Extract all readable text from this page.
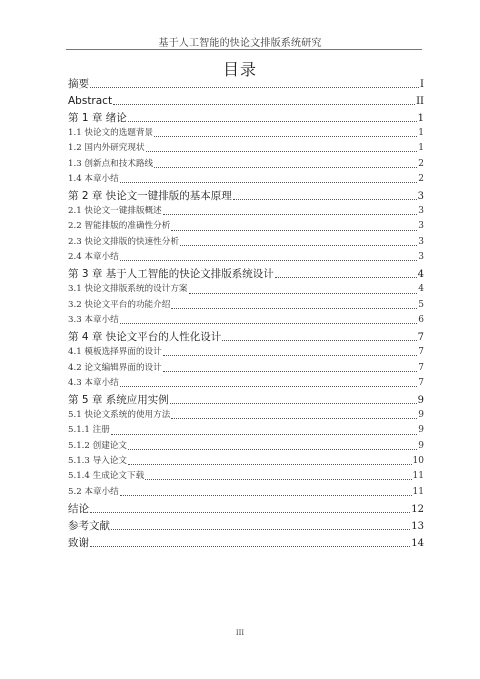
基于人工智能的快论文排版系统研究
目录
摘要	I
Abstract	II
第 1 章 绪论	1
1.1 快论文的选题背景	1
1.2 国内外研究现状	1
1.3 创新点和技术路线	2
1.4 本章小结	2
第 2 章 快论文一键排版的基本原理	3
2.1 快论文一键排版概述	3
2.2 智能排版的准确性分析	3
2.3 快论文排版的快速性分析	3
2.4 本章小结	3
第 3 章 基于人工智能的快论文排版系统设计	4
3.1 快论文排版系统的设计方案	4
3.2 快论文平台的功能介绍	5
3.3 本章小结	6
第 4 章 快论文平台的人性化设计	7
4.1 模板选择界面的设计	7
4.2 论文编辑界面的设计	7
4.3 本章小结	7
第 5 章 系统应用实例	9
5.1 快论文系统的使用方法	9
5.1.1 注册	9
5.1.2 创建论文	9
5.1.3 导入论文	10
5.1.4 生成论文下载	11
5.2 本章小结	11
结论	12
参考文献	13
致谢	14
III
